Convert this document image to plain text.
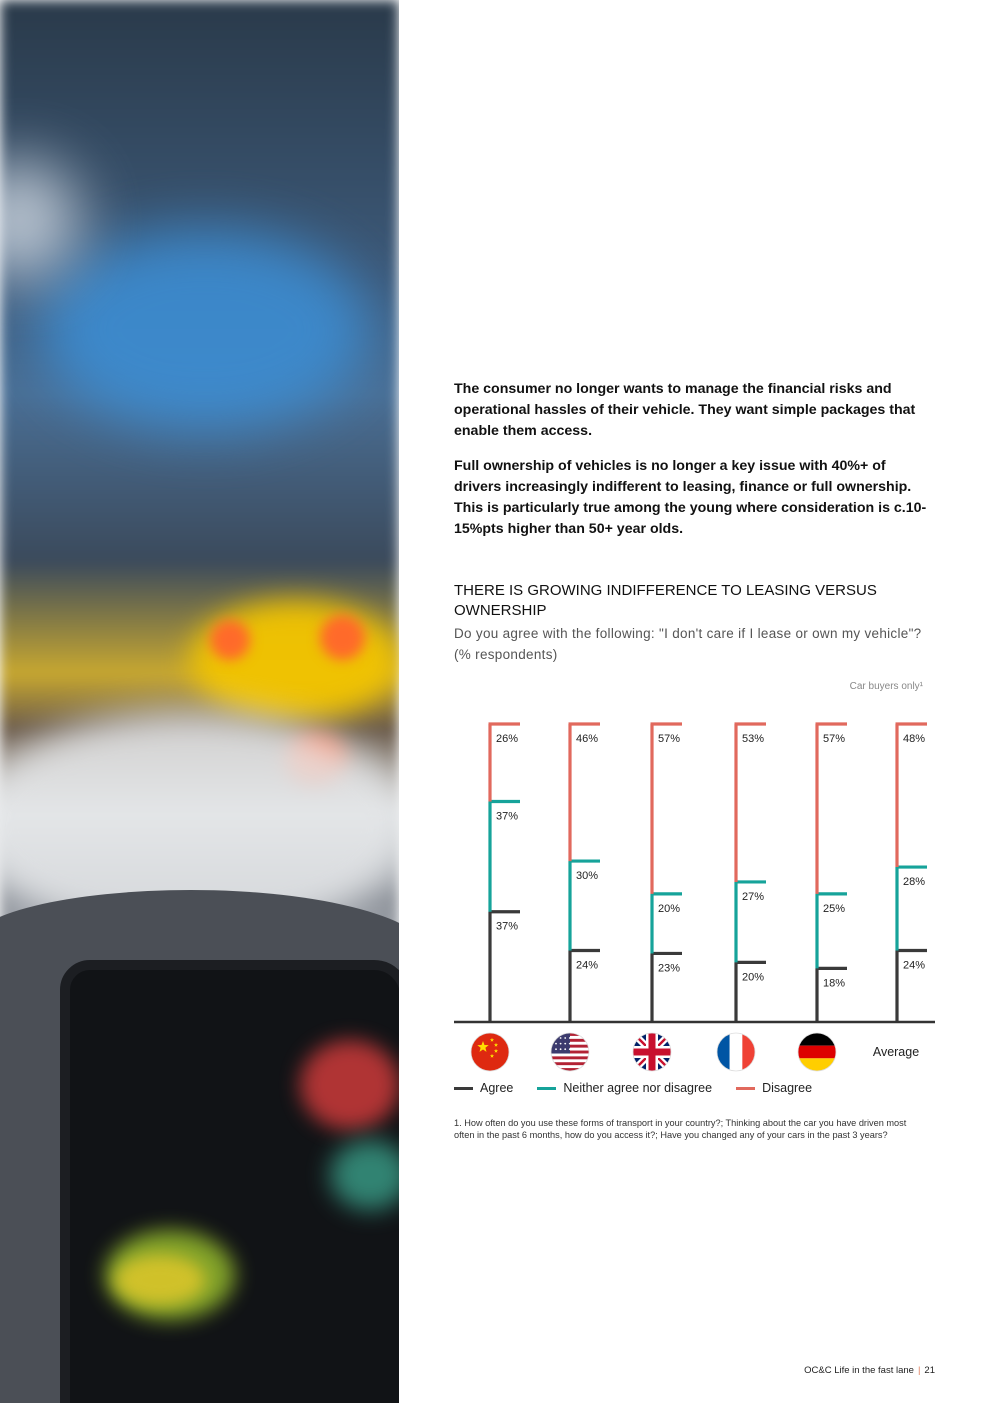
The consumer no longer wants to manage the financial risks and operational hassles of their vehicle. They want simple packages that enable them access.

Full ownership of vehicles is no longer a key issue with 40%+ of drivers increasingly indifferent to leasing, finance or full ownership. This is particularly true among the young where consideration is c.10-15%pts higher than 50+ year olds.

THERE IS GROWING INDIFFERENCE TO LEASING VERSUS OWNERSHIP
Do you agree with the following: "I don't care if I lease or own my vehicle"? (% respondents)
Car buyers only¹
37%
37%
26%
24%
30%
46%
23%
20%
57%
20%
27%
53%
18%
25%
57%
24%
28%
48%
Average
Agree	Neither agree nor disagree	Disagree
1. How often do you use these forms of transport in your country?; Thinking about the car you have driven most often in the past 6 months, how do you access it?; Have you changed any of your cars in the past 3 years?
OC&C Life in the fast lane | 21
